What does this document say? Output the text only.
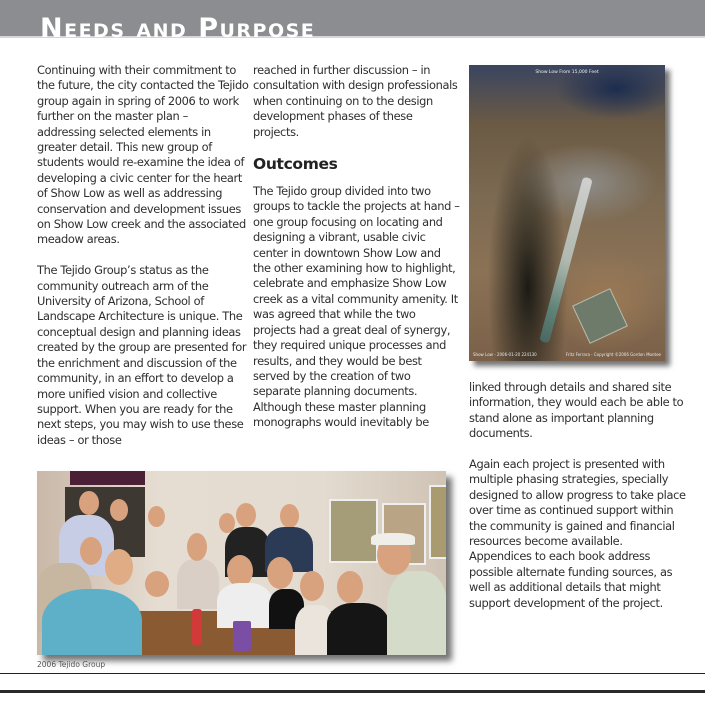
Needs and Purpose

Continuing with their commitment to the future, the city contacted the Tejido group again in spring of 2006 to work further on the master plan – addressing selected elements in greater detail. This new group of students would re-examine the idea of developing a civic center for the heart of Show Low as well as addressing conservation and development issues on Show Low creek and the associated meadow areas.

The Tejido Group’s status as the community outreach arm of the University of Arizona, School of Landscape Architecture is unique. The conceptual design and planning ideas created by the group are presented for the enrichment and discussion of the community, in an effort to develop a more unified vision and collective support. When you are ready for the next steps, you may wish to use these ideas – or those

reached in further discussion – in consultation with design professionals when continuing on to the design development phases of these projects.

Outcomes

The Tejido group divided into two groups to tackle the projects at hand – one group focusing on locating and designing a vibrant, usable civic center in downtown Show Low and the other examining how to highlight, celebrate and emphasize Show Low creek as a vital community amenity. It was agreed that while the two projects had a great deal of synergy, they required unique processes and results, and they would be best served by the creation of two separate planning documents. Although these master planning monographs would inevitably be

Show Low From 15,000 Feet
Show Low - 2006-01-20 224130	Fritz Ferrara - Copyright ©2006 Gordon Montee

linked through details and shared site information, they would each be able to stand alone as important planning documents.

Again each project is presented with multiple phasing strategies, specially designed to allow progress to take place over time as continued support within the community is gained and financial resources become available. Appendices to each book address possible alternate funding sources, as well as additional details that might support development of the project.

2006 Tejido Group
